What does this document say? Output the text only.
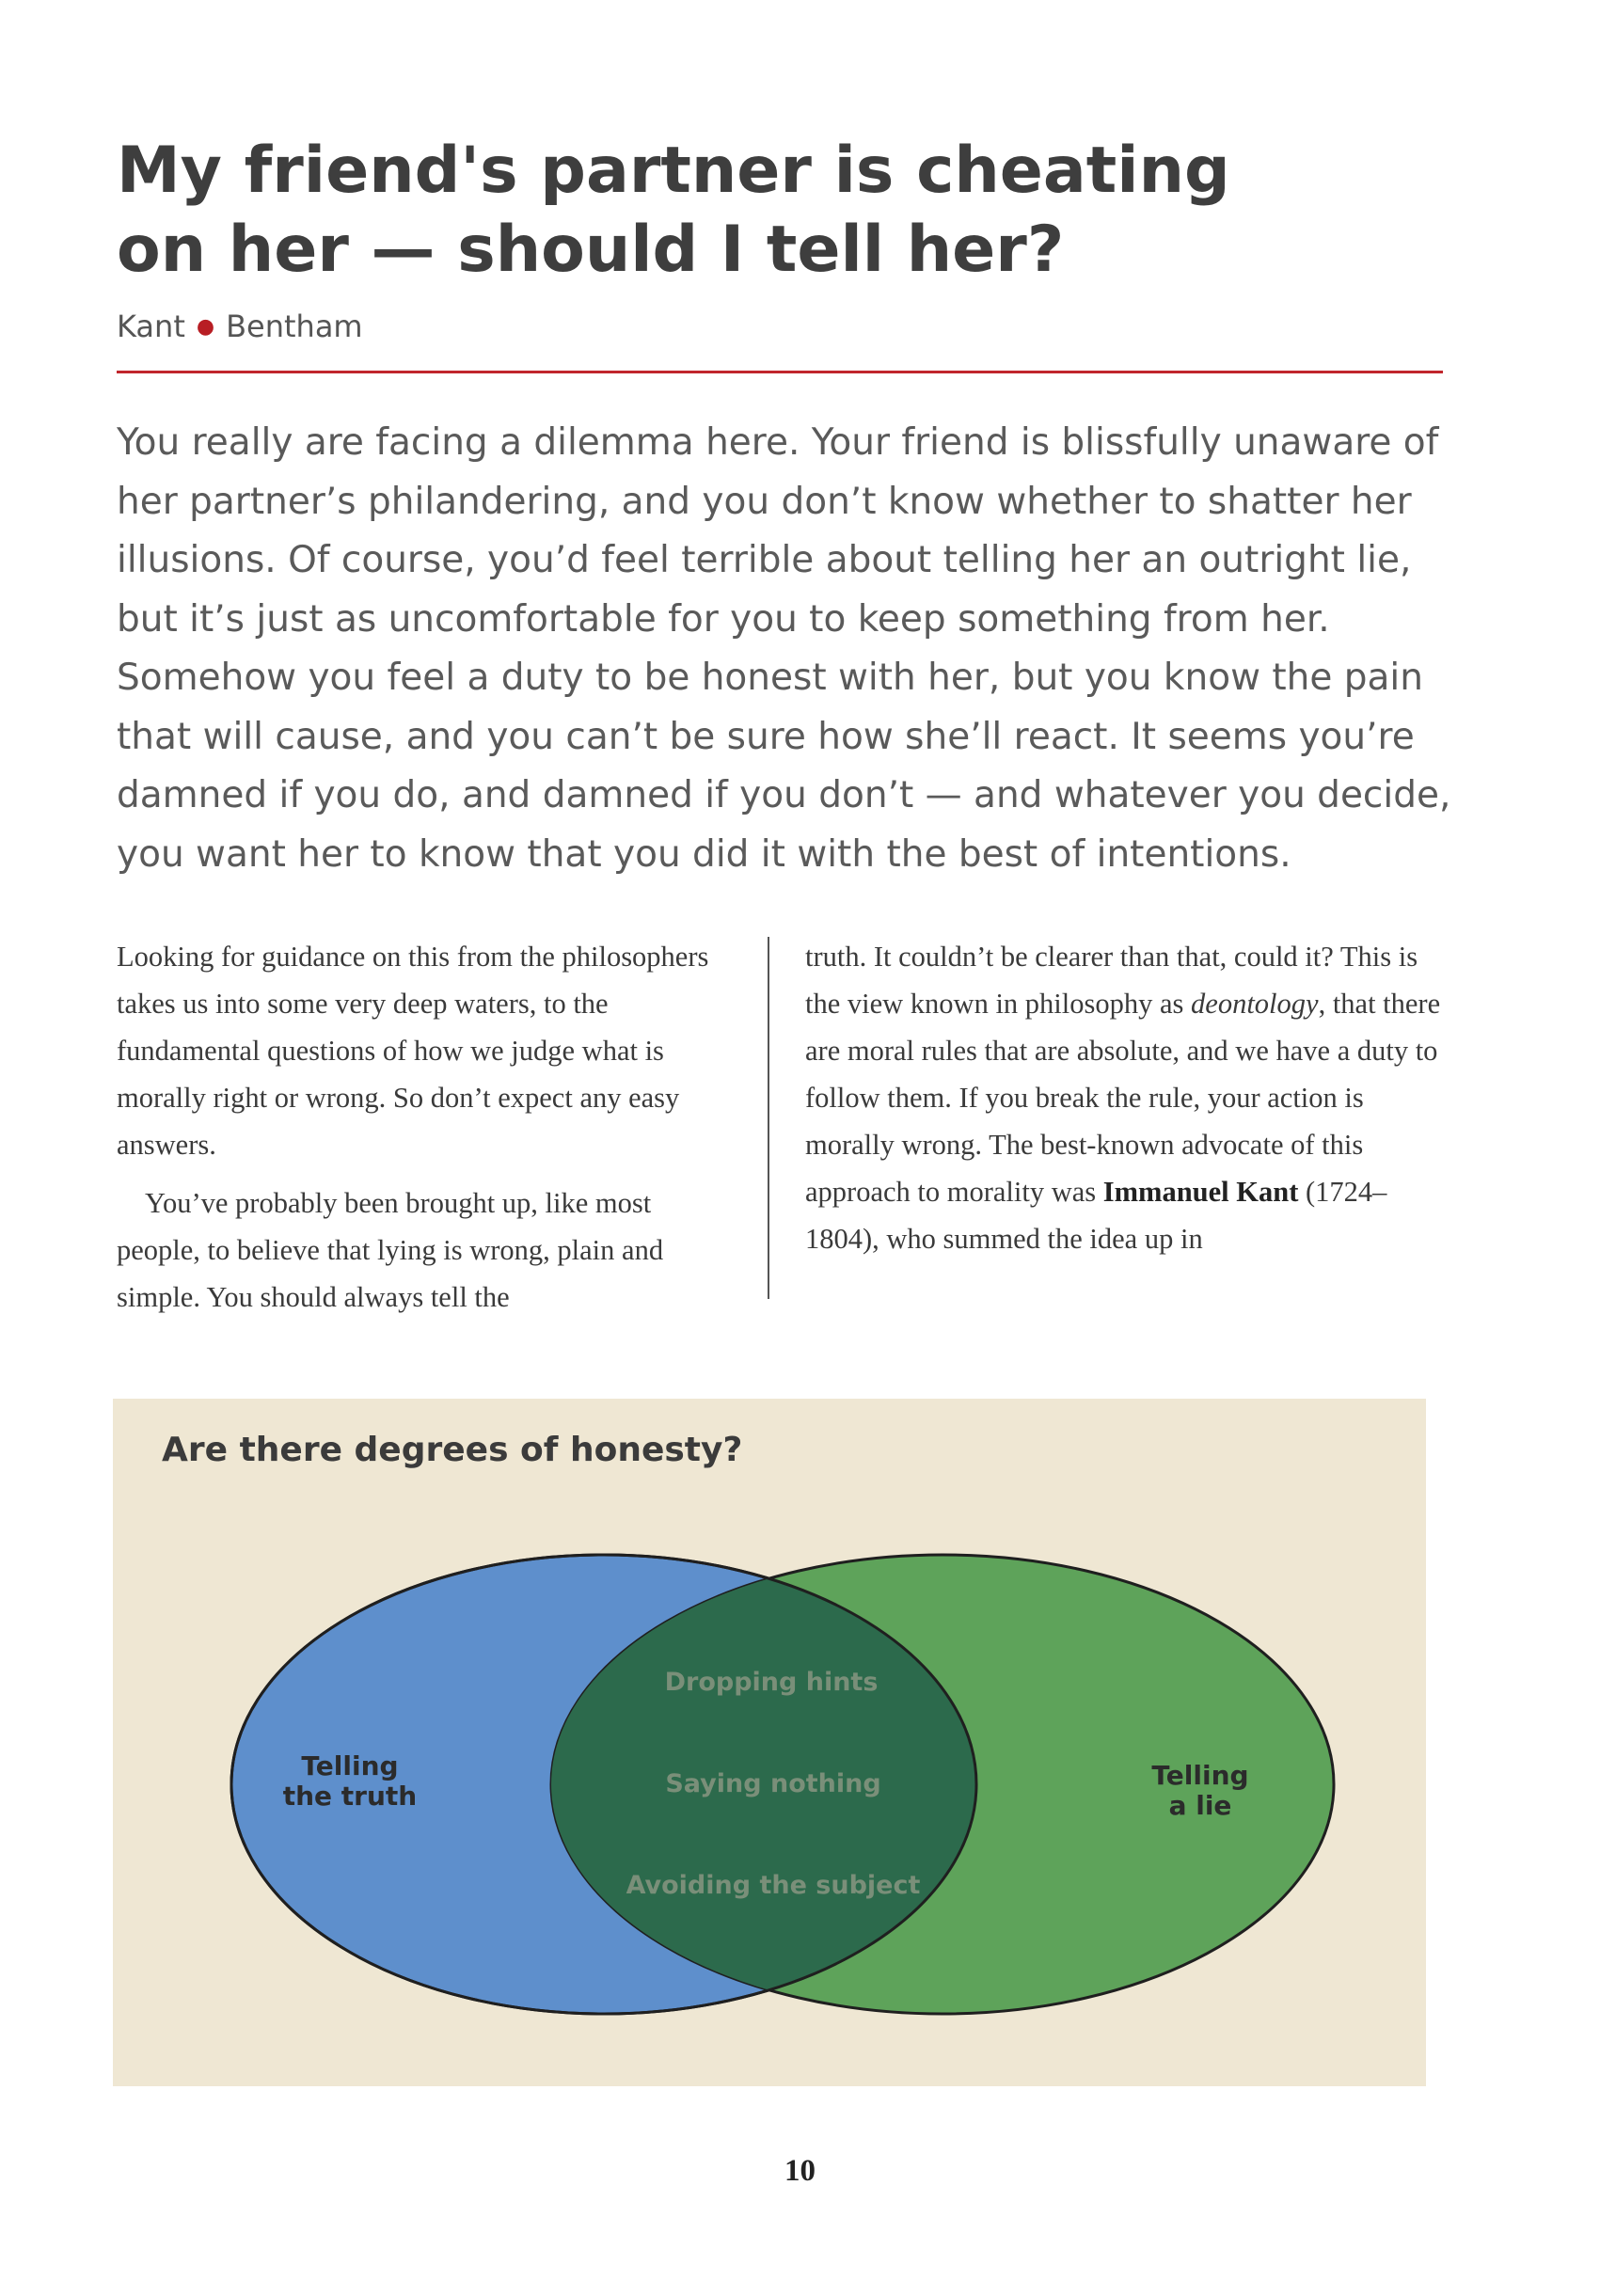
My friend's partner is cheating on her — should I tell her?
Kant ● Bentham

You really are facing a dilemma here. Your friend is blissfully unaware of her partner’s philandering, and you don’t know whether to shatter her illusions. Of course, you’d feel terrible about telling her an outright lie, but it’s just as uncomfortable for you to keep something from her. Somehow you feel a duty to be honest with her, but you know the pain that will cause, and you can’t be sure how she’ll react. It seems you’re damned if you do, and damned if you don’t — and whatever you decide, you want her to know that you did it with the best of intentions.

Looking for guidance on this from the philosophers takes us into some very deep waters, to the fundamental questions of how we judge what is morally right or wrong. So don’t expect any easy answers.

You’ve probably been brought up, like most people, to believe that lying is wrong, plain and simple. You should always tell the

truth. It couldn’t be clearer than that, could it? This is the view known in philosophy as deontology, that there are moral rules that are absolute, and we have a duty to follow them. If you break the rule, your action is morally wrong. The best-known advocate of this approach to morality was Immanuel Kant (1724–1804), who summed the idea up in

Are there degrees of honesty?
Telling
the truth
Telling
a lie
Dropping hints
Saying nothing
Avoiding the subject
10
